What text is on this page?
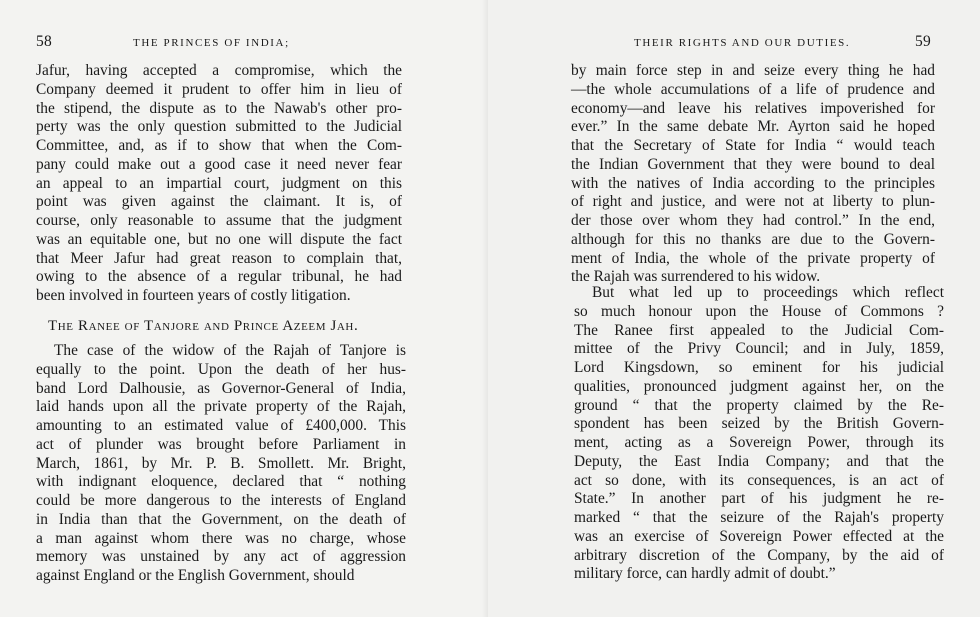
58	THE PRINCES OF INDIA;
Jafur, having accepted a compromise, which the
Company deemed it prudent to offer him in lieu of
the stipend, the dispute as to the Nawab's other pro-
perty was the only question submitted to the Judicial
Committee, and, as if to show that when the Com-
pany could make out a good case it need never fear
an appeal to an impartial court, judgment on this
point was given against the claimant. It is, of
course, only reasonable to assume that the judgment
was an equitable one, but no one will dispute the fact
that Meer Jafur had great reason to complain that,
owing to the absence of a regular tribunal, he had
been involved in fourteen years of costly litigation.
The Ranee of Tanjore and Prince Azeem Jah.
The case of the widow of the Rajah of Tanjore is
equally to the point. Upon the death of her hus-
band Lord Dalhousie, as Governor-General of India,
laid hands upon all the private property of the Rajah,
amounting to an estimated value of £400,000. This
act of plunder was brought before Parliament in
March, 1861, by Mr. P. B. Smollett. Mr. Bright,
with indignant eloquence, declared that “ nothing
could be more dangerous to the interests of England
in India than that the Government, on the death of
a man against whom there was no charge, whose
memory was unstained by any act of aggression
against England or the English Government, should
THEIR RIGHTS AND OUR DUTIES.	59
by main force step in and seize every thing he had
—the whole accumulations of a life of prudence and
economy—and leave his relatives impoverished for
ever.” In the same debate Mr. Ayrton said he hoped
that the Secretary of State for India “ would teach
the Indian Government that they were bound to deal
with the natives of India according to the principles
of right and justice, and were not at liberty to plun-
der those over whom they had control.” In the end,
although for this no thanks are due to the Govern-
ment of India, the whole of the private property of
the Rajah was surrendered to his widow.
But what led up to proceedings which reflect
so much honour upon the House of Commons ?
The Ranee first appealed to the Judicial Com-
mittee of the Privy Council; and in July, 1859,
Lord Kingsdown, so eminent for his judicial
qualities, pronounced judgment against her, on the
ground “ that the property claimed by the Re-
spondent has been seized by the British Govern-
ment, acting as a Sovereign Power, through its
Deputy, the East India Company; and that the
act so done, with its consequences, is an act of
State.” In another part of his judgment he re-
marked “ that the seizure of the Rajah's property
was an exercise of Sovereign Power effected at the
arbitrary discretion of the Company, by the aid of
military force, can hardly admit of doubt.”
